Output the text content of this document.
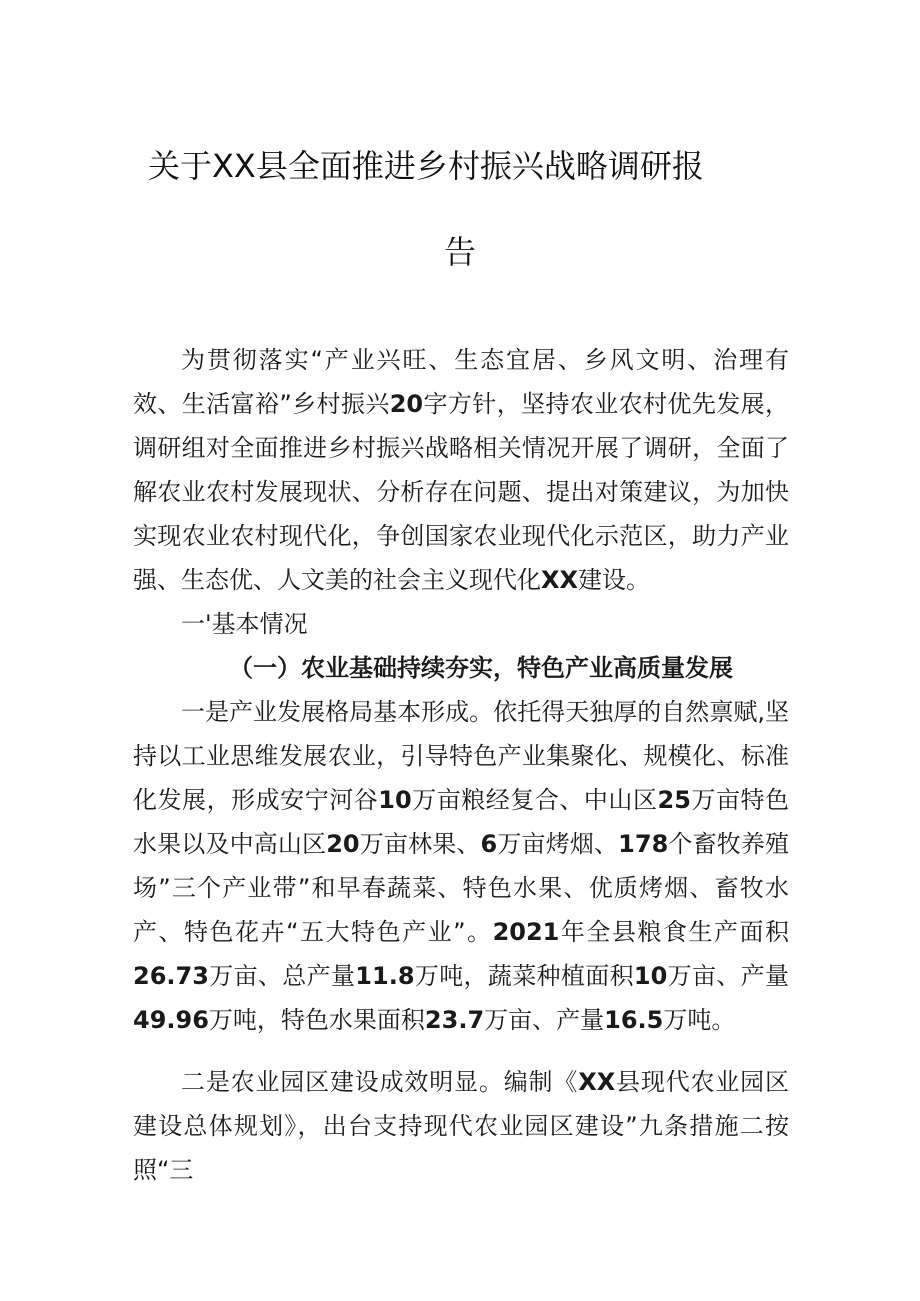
关于XX县全面推进乡村振兴战略调研报
告

为贯彻落实“产业兴旺、生态宜居、乡风文明、治理有效、生活富裕”乡村振兴20字方针，坚持农业农村优先发展，调研组对全面推进乡村振兴战略相关情况开展了调研，全面了解农业农村发展现状、分析存在问题、提出对策建议，为加快实现农业农村现代化，争创国家农业现代化示范区，助力产业强、生态优、人文美的社会主义现代化XX建设。

一'基本情况

（一）农业基础持续夯实，特色产业高质量发展

一是产业发展格局基本形成。依托得天独厚的自然禀赋,坚持以工业思维发展农业，引导特色产业集聚化、规模化、标准化发展，形成安宁河谷10万亩粮经复合、中山区25万亩特色水果以及中高山区20万亩林果、6万亩烤烟、178个畜牧养殖场”三个产业带”和早春蔬菜、特色水果、优质烤烟、畜牧水产、特色花卉“五大特色产业”。2021年全县粮食生产面积26.73万亩、总产量11.8万吨，蔬菜种植面积10万亩、产量49.96万吨，特色水果面积23.7万亩、产量16.5万吨。

二是农业园区建设成效明显。编制《XX县现代农业园区建设总体规划》，出台支持现代农业园区建设”九条措施二按照“三
